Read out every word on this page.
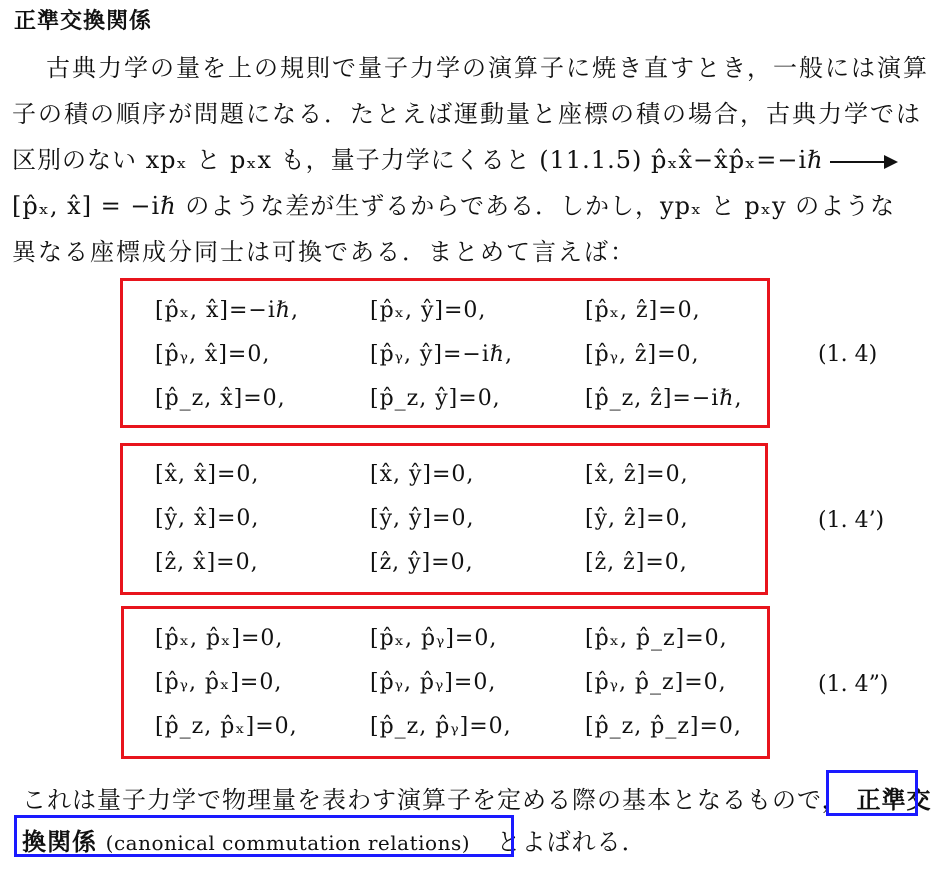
正準交換関係
古典力学の量を上の規則で量子力学の演算子に焼き直すとき，一般には演算
子の積の順序が問題になる．たとえば運動量と座標の積の場合，古典力学では
区別のない xpₓ と pₓx も，量子力学にくると (11.1.5) p̂ₓx̂−x̂p̂ₓ=−iℏ
[p̂ₓ, x̂] = −iℏ のような差が生ずるからである．しかし，ypₓ と pₓy のような
異なる座標成分同士は可換である．まとめて言えば：
[p̂ₓ, x̂]=−iℏ,	[p̂ₓ, ŷ]=0,	[p̂ₓ, ẑ]=0,
[p̂ᵧ, x̂]=0,	[p̂ᵧ, ŷ]=−iℏ,	[p̂ᵧ, ẑ]=0,
[p̂_z, x̂]=0,	[p̂_z, ŷ]=0,	[p̂_z, ẑ]=−iℏ,
(1. 4)
[x̂, x̂]=0,	[x̂, ŷ]=0,	[x̂, ẑ]=0,
[ŷ, x̂]=0,	[ŷ, ŷ]=0,	[ŷ, ẑ]=0,
[ẑ, x̂]=0,	[ẑ, ŷ]=0,	[ẑ, ẑ]=0,
(1. 4’)
[p̂ₓ, p̂ₓ]=0,	[p̂ₓ, p̂ᵧ]=0,	[p̂ₓ, p̂_z]=0,
[p̂ᵧ, p̂ₓ]=0,	[p̂ᵧ, p̂ᵧ]=0,	[p̂ᵧ, p̂_z]=0,
[p̂_z, p̂ₓ]=0,	[p̂_z, p̂ᵧ]=0,	[p̂_z, p̂_z]=0,
(1. 4”)
これは量子力学で物理量を表わす演算子を定める際の基本となるもので， 正準交
換関係 (canonical commutation relations) とよばれる．
